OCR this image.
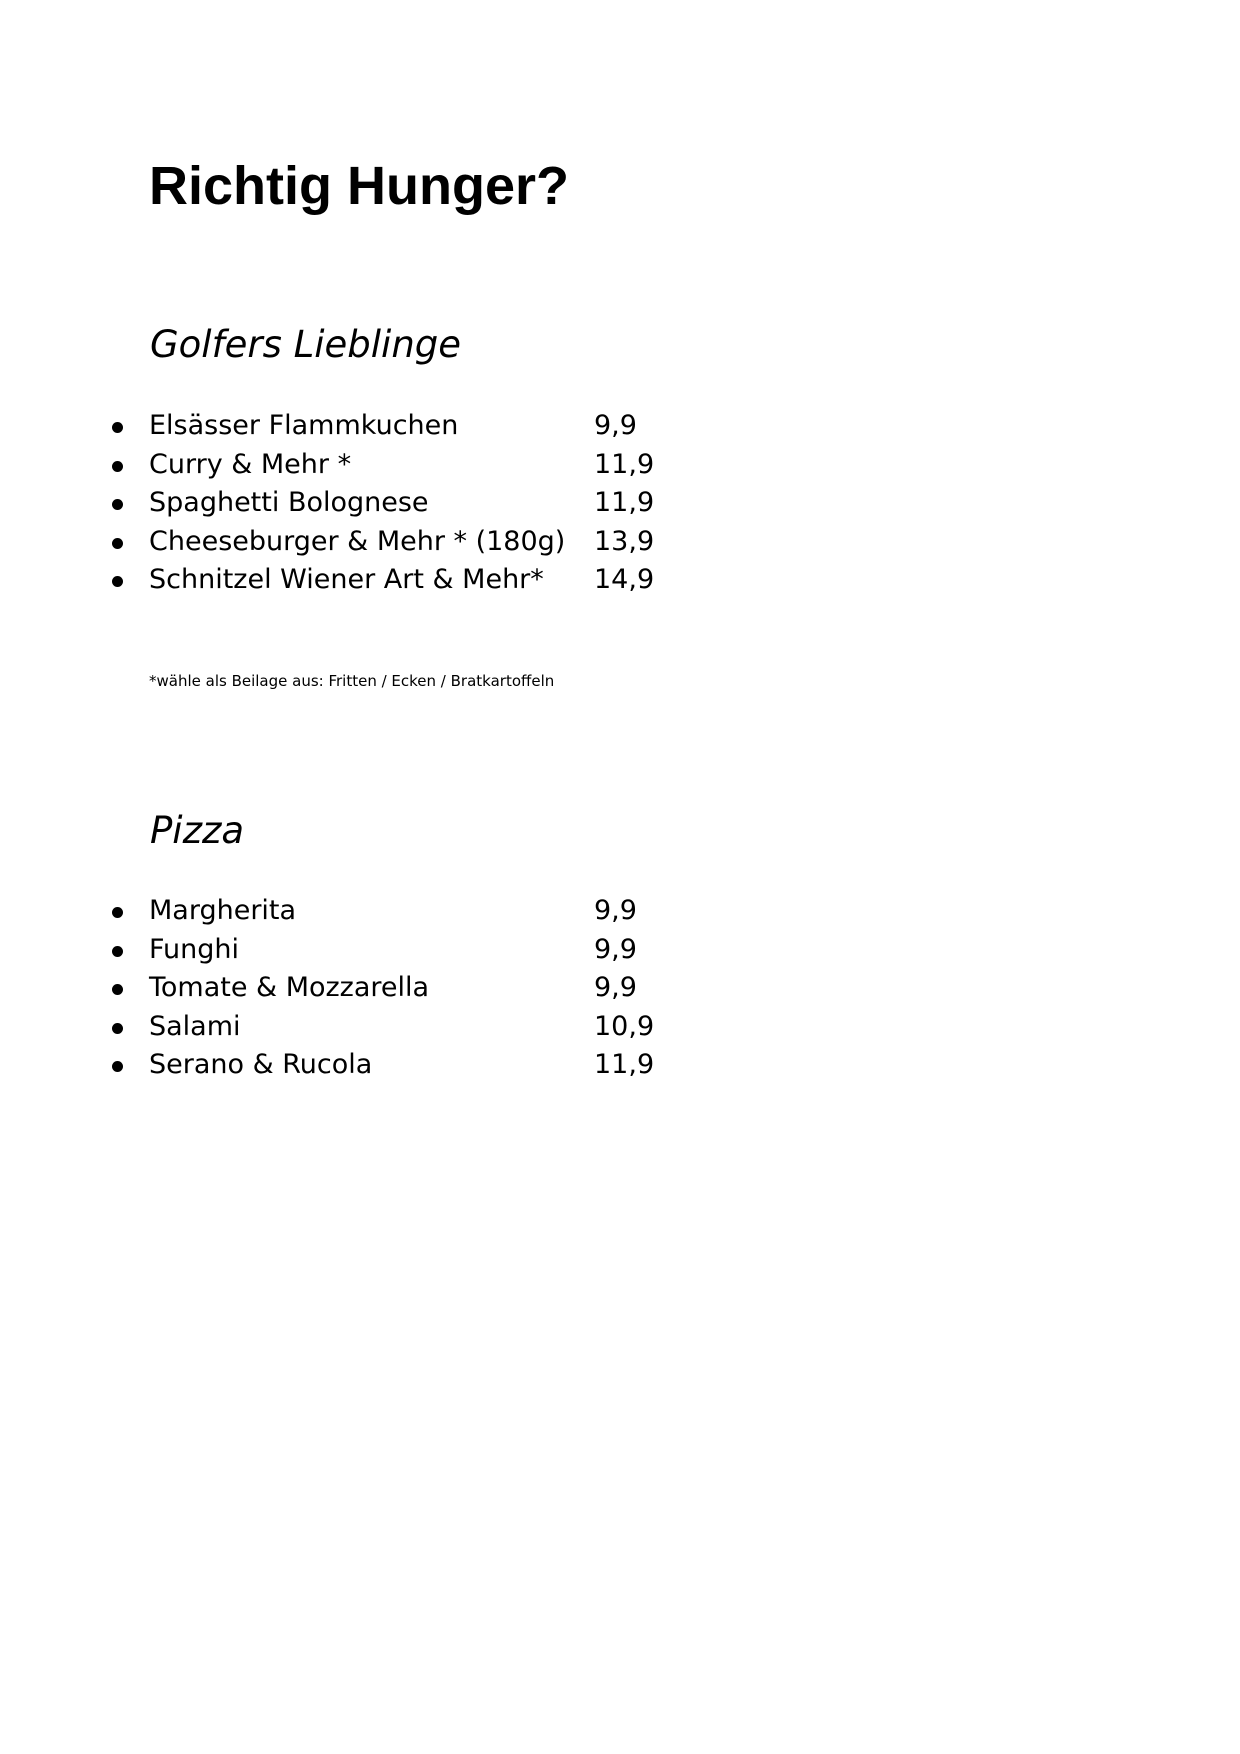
Richtig Hunger?
Golfers Lieblinge
Elsässer Flammkuchen	9,9
Curry & Mehr *	11,9
Spaghetti Bolognese	11,9
Cheeseburger & Mehr * (180g) 13,9
Schnitzel Wiener Art & Mehr* 14,9

*wähle als Beilage aus: Fritten / Ecken / Bratkartoffeln

Pizza
Margherita	9,9
Funghi	9,9
Tomate & Mozzarella	9,9
Salami	10,9
Serano & Rucola	11,9
